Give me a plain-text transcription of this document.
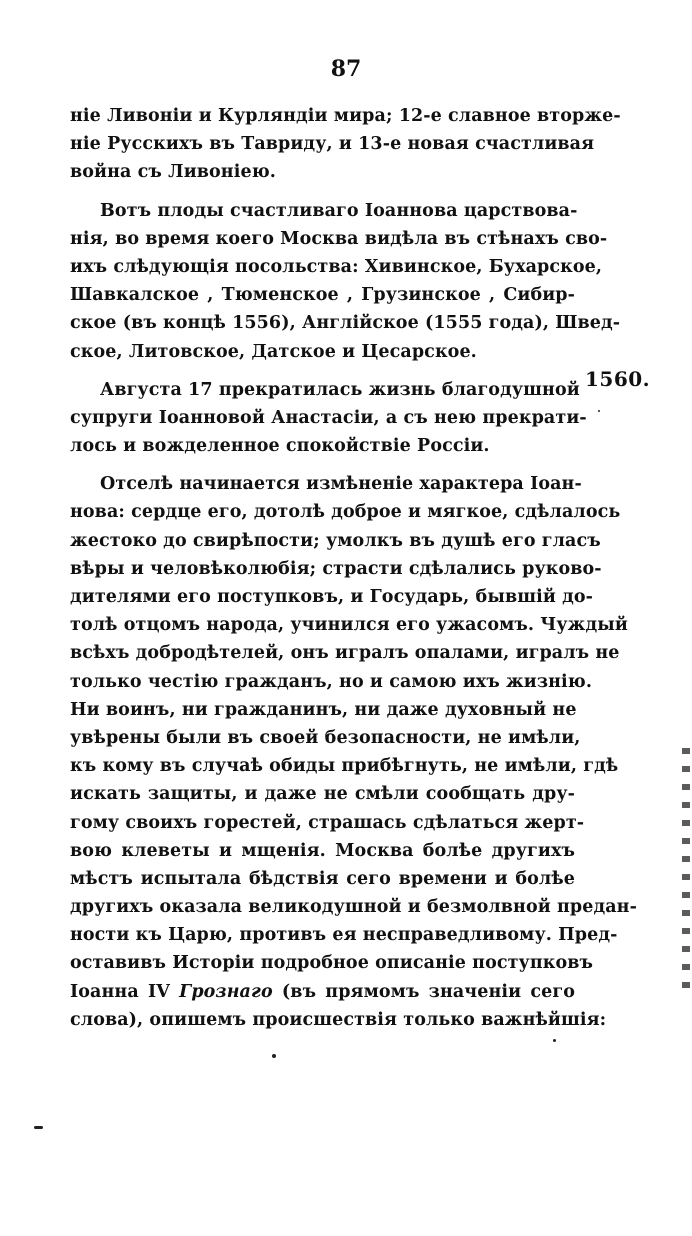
87
1560.
ніе Ливоніи и Курляндіи мира; 12-е славное вторже-
ніе Русскихъ въ Тавриду, и 13-е новая счастливая
война съ Ливоніею.
Вотъ плоды счастливаго Іоаннова царствова-
нія, во время коего Москва видѣла въ стѣнахъ сво-
ихъ слѣдующія посольства: Хивинское, Бухарское,
Шавкалское , Тюменское , Грузинское , Сибир-
ское (въ концѣ 1556), Англійское (1555 года), Швед-
ское, Литовское, Датское и Цесарское.
Августа 17 прекратилась жизнь благодушной
супруги Іоанновой Анастасіи, а съ нею прекрати-
лось и вожделенное спокойствіе Россіи.
Отселѣ начинается измѣненіе характера Іоан-
нова: сердце его, дотолѣ доброе и мягкое, сдѣлалось
жестоко до свирѣпости; умолкъ въ душѣ его гласъ
вѣры и человѣколюбія; страсти сдѣлались руково-
дителями его поступковъ, и Государь, бывшій до-
толѣ отцомъ народа, учинился его ужасомъ. Чуждый
всѣхъ добродѣтелей, онъ игралъ опалами, игралъ не
только честію гражданъ, но и самою ихъ жизнію.
Ни воинъ, ни гражданинъ, ни даже духовный не
увѣрены были въ своей безопасности, не имѣли,
къ кому въ случаѣ обиды прибѣгнуть, не имѣли, гдѣ
искать защиты, и даже не смѣли сообщать дру-
гому своихъ горестей, страшась сдѣлаться жерт-
вою клеветы и мщенія. Москва болѣе другихъ
мѣстъ испытала бѣдствія сего времени и болѣе
другихъ оказала великодушной и безмолвной предан-
ности къ Царю, противъ ея несправедливому. Пред-
оставивъ Исторіи подробное описаніе поступковъ
Іоанна IV Грознаго (въ прямомъ значеніи сего
слова), опишемъ происшествія только важнѣйшія:
